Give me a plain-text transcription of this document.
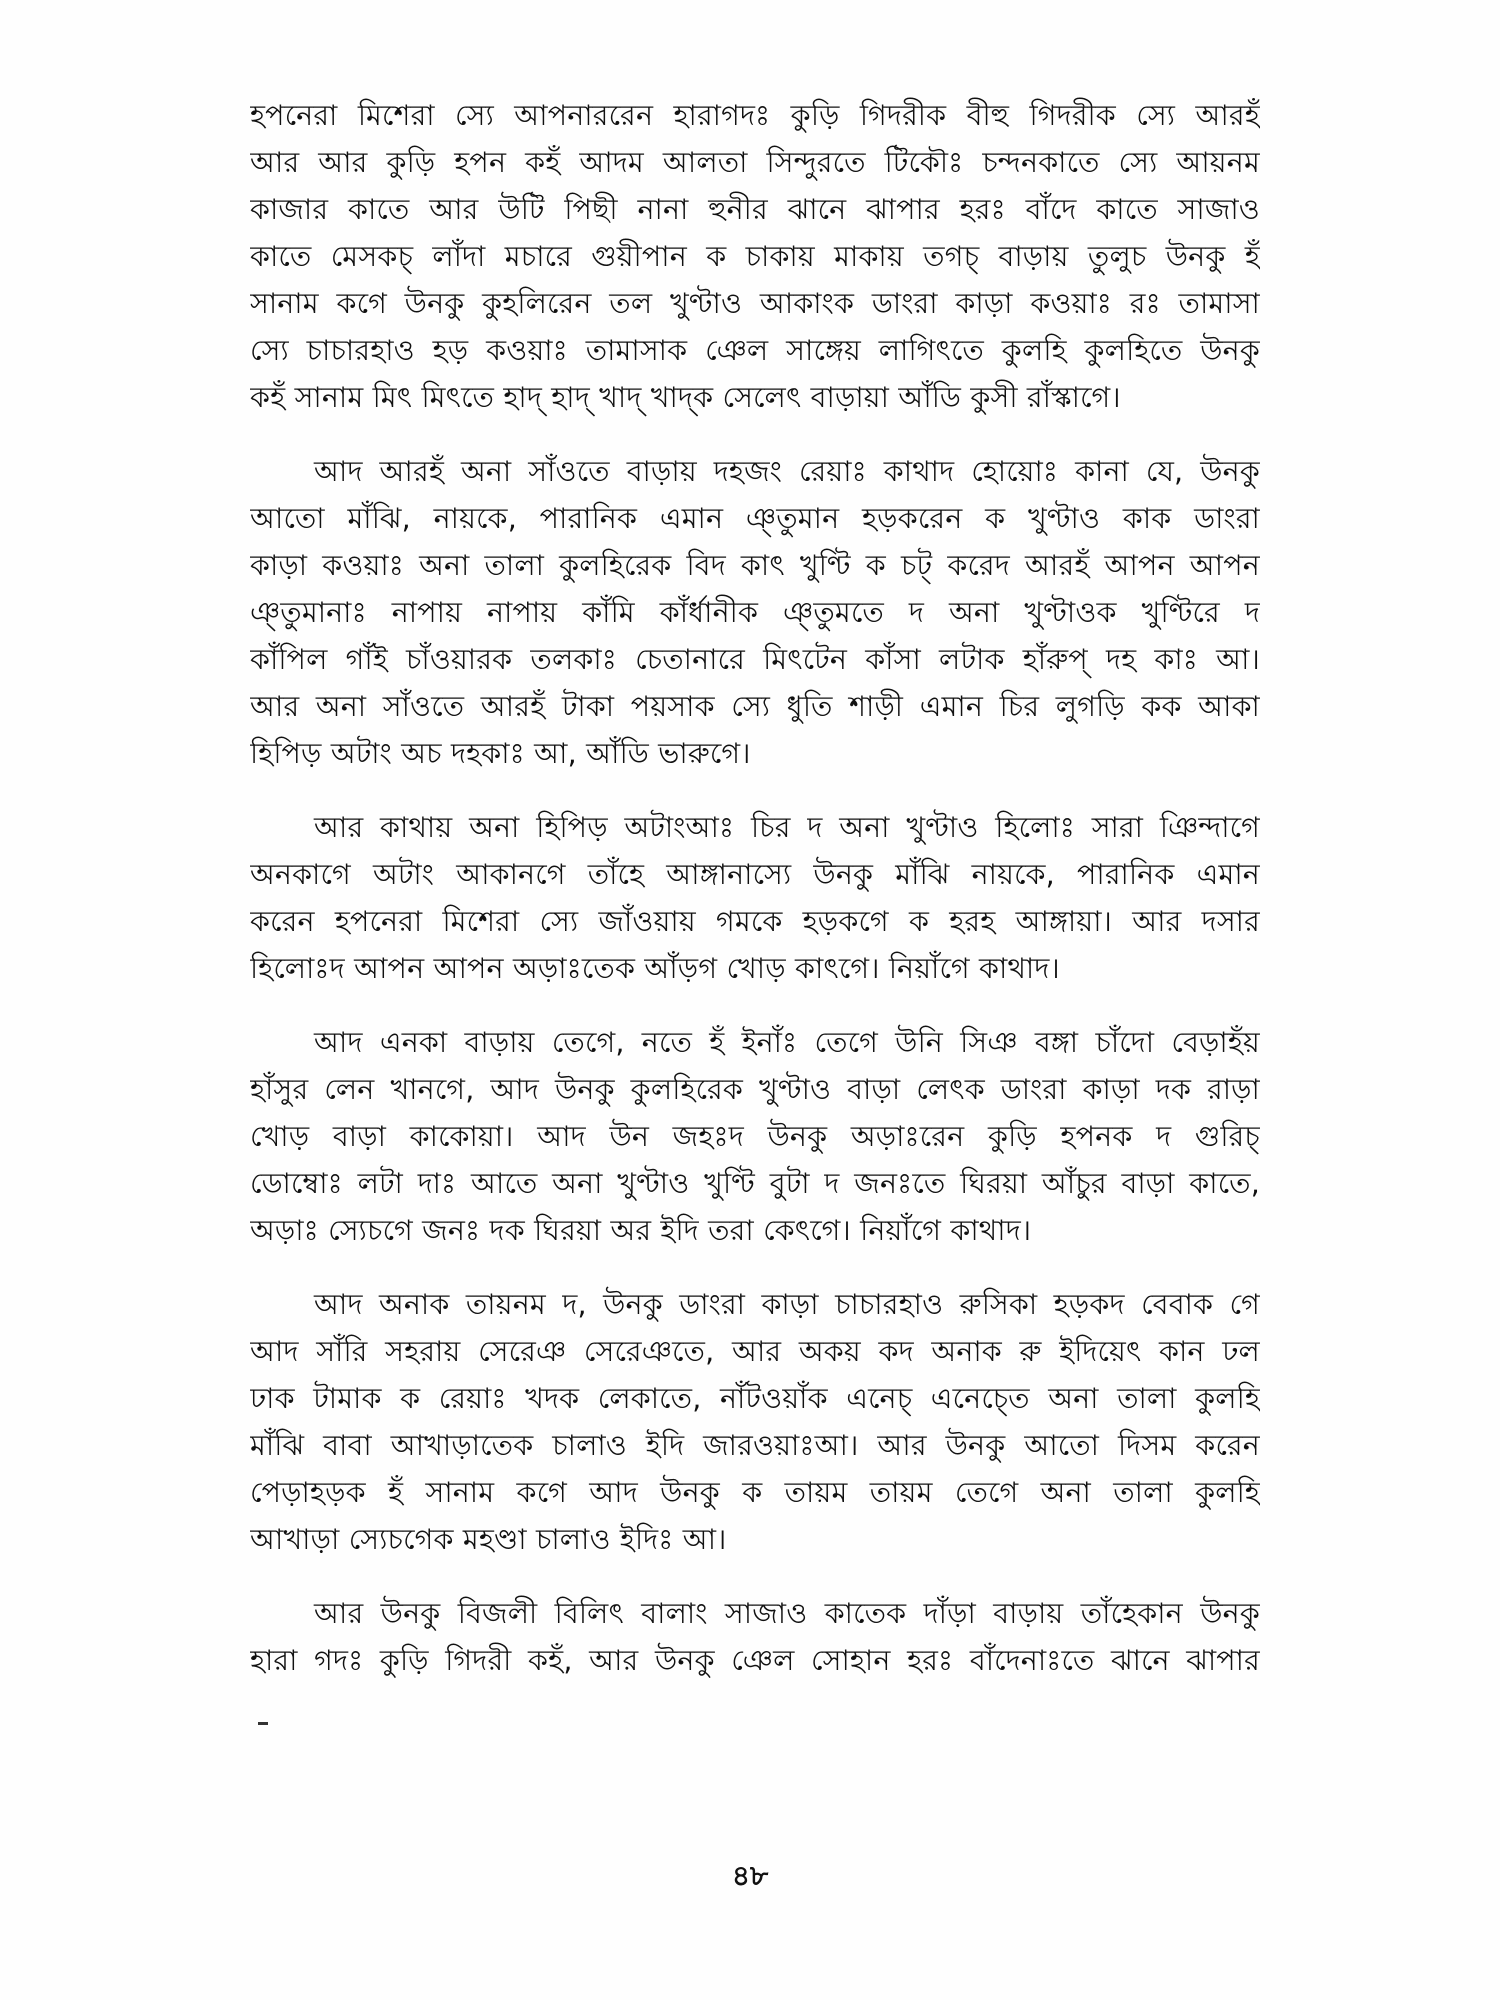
হপনেরা মিশেরা স্যে আপনাররেন হারাগদঃ কুড়ি গিদরীক বীহু গিদরীক স্যে আরহঁ
আর আর কুড়ি হপন কহঁ আদম আলতা সিন্দুরতে টিকৌঃ চন্দনকাতে স্যে আয়নম
কাজার কাতে আর উটি পিছী নানা হুনীর ঝানে ঝাপার হরঃ বাঁদে কাতে সাজাও
কাতে মেসকচ্ লাঁদা মচারে গুয়ীপান ক চাকায় মাকায় তগচ্ বাড়ায় তুলুচ উনকু হঁ
সানাম কগে উনকু কুহলিরেন তল খুণ্টাও আকাংক ডাংরা কাড়া কওয়াঃ রঃ তামাসা
স্যে চাচারহাও হড় কওয়াঃ তামাসাক ঞেল সাঙ্গেয় লাগিৎতে কুলহি কুলহিতে উনকু
কহঁ সানাম মিৎ মিৎতে হাদ্ হাদ্ খাদ্ খাদ্ক সেলেৎ বাড়ায়া আঁডি কুসী রাঁস্কাগে।

আদ আরহঁ অনা সাঁওতে বাড়ায় দহজং রেয়াঃ কাথাদ হোয়োঃ কানা যে, উনকু
আতো মাঁঝি, নায়কে, পারানিক এমান ঞ্তুমান হড়করেন ক খুণ্টাও কাক ডাংরা
কাড়া কওয়াঃ অনা তালা কুলহিরেক বিদ কাৎ খুণ্টি ক চট্ করেদ আরহঁ আপন আপন
ঞ্তুমানাঃ নাপায় নাপায় কাঁমি কাঁর্ধানীক ঞ্তুমতে দ অনা খুণ্টাওক খুণ্টিরে দ
কাঁপিল গাঁই চাঁওয়ারক তলকাঃ চেতানারে মিৎটেন কাঁসা লটাক হাঁরুপ্ দহ কাঃ আ।
আর অনা সাঁওতে আরহঁ টাকা পয়সাক স্যে ধুতি শাড়ী এমান চির লুগড়ি কক আকা
হিপিড় অটাং অচ দহকাঃ আ, আঁডি ভারুগে।

আর কাথায় অনা হিপিড় অটাংআঃ চির দ অনা খুণ্টাও হিলোঃ সারা ঞিন্দাগে
অনকাগে অটাং আকানগে তাঁহে আঙ্গানাস্যে উনকু মাঁঝি নায়কে, পারানিক এমান
করেন হপনেরা মিশেরা স্যে জাঁওয়ায় গমকে হড়কগে ক হরহ আঙ্গায়া। আর দসার
হিলোঃদ আপন আপন অড়াঃতেক আঁড়গ খোড় কাৎগে। নিয়াঁগে কাথাদ।

আদ এনকা বাড়ায় তেগে, নতে হঁ ইনাঁঃ তেগে উনি সিঞ বঙ্গা চাঁদো বেড়াহঁয়
হাঁসুর লেন খানগে, আদ উনকু কুলহিরেক খুণ্টাও বাড়া লেৎক ডাংরা কাড়া দক রাড়া
খোড় বাড়া কাকোয়া। আদ উন জহঃদ উনকু অড়াঃরেন কুড়ি হপনক দ গুরিচ্
ডোম্বোঃ লটা দাঃ আতে অনা খুণ্টাও খুণ্টি বুটা দ জনঃতে ঘিরয়া আঁচুর বাড়া কাতে,
অড়াঃ স্যেচগে জনঃ দক ঘিরয়া অর ইদি তরা কেৎগে। নিয়াঁগে কাথাদ।

আদ অনাক তায়নম দ, উনকু ডাংরা কাড়া চাচারহাও রুসিকা হড়কদ বেবাক গে
আদ সাঁরি সহরায় সেরেঞ সেরেঞতে, আর অকয় কদ অনাক রু ইদিয়েৎ কান ঢল
ঢাক টামাক ক রেয়াঃ খদক লেকাতে, নাঁটওয়াঁক এনেচ্ এনেচ্তে অনা তালা কুলহি
মাঁঝি বাবা আখাড়াতেক চালাও ইদি জারওয়াঃআ। আর উনকু আতো দিসম করেন
পেড়াহড়ক হঁ সানাম কগে আদ উনকু ক তায়ম তায়ম তেগে অনা তালা কুলহি
আখাড়া স্যেচগেক মহণ্ডা চালাও ইদিঃ আ।

আর উনকু বিজলী বিলিৎ বালাং সাজাও কাতেক দাঁড়া বাড়ায় তাঁহেকান উনকু
হারা গদঃ কুড়ি গিদরী কহঁ, আর উনকু ঞেল সোহান হরঃ বাঁদেনাঃতে ঝানে ঝাপার

৪৮
